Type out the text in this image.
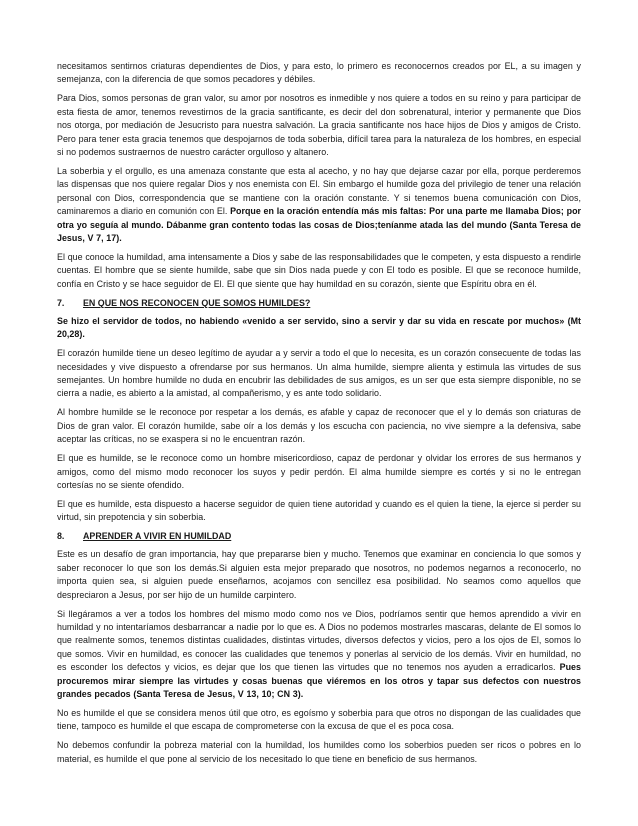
necesitamos sentirnos criaturas dependientes de Dios, y para esto, lo primero es reconocernos creados por EL, a su imagen y semejanza, con la diferencia de que somos pecadores y débiles.

Para Dios, somos personas de gran valor, su amor por nosotros es inmedible y nos quiere a todos en su reino y para participar de esta fiesta de amor, tenemos revestirnos de la gracia santificante, es decir del don sobrenatural, interior y permanente que Dios nos otorga, por mediación de Jesucristo para nuestra salvación. La gracia santificante nos hace hijos de Dios y amigos de Cristo. Pero para tener esta gracia tenemos que despojarnos de toda soberbia, difícil tarea para la naturaleza de los hombres, en especial si no podemos sustraernos de nuestro carácter orgulloso y altanero.

La soberbia y el orgullo, es una amenaza constante que esta al acecho, y no hay que dejarse cazar por ella, porque perderemos las dispensas que nos quiere regalar Dios y nos enemista con El. Sin embargo el humilde goza del privilegio de tener una relación personal con Dios, correspondencia que se mantiene con la oración constante. Y si tenemos buena comunicación con Dios, caminaremos a diario en comunión con El. Porque en la oración entendía más mis faltas: Por una parte me llamaba Dios; por otra yo seguía al mundo. Dábanme gran contento todas las cosas de Dios;teníanme atada las del mundo (Santa Teresa de Jesus, V 7, 17).

El que conoce la humildad, ama intensamente a Dios y sabe de las responsabilidades que le competen, y esta dispuesto a rendirle cuentas. El hombre que se siente humilde, sabe que sin Dios nada puede y con El todo es posible. El que se reconoce humilde, confía en Cristo y se hace seguidor de El. El que siente que hay humildad en su corazón, siente que Espíritu obra en él.

7.	EN QUE NOS RECONOCEN QUE SOMOS HUMILDES?

Se hizo el servidor de todos, no habiendo «venido a ser servido, sino a servir y dar su vida en rescate por muchos» (Mt 20,28).

El corazón humilde tiene un deseo legítimo de ayudar a y servir a todo el que lo necesita, es un corazón consecuente de todas las necesidades y vive dispuesto a ofrendarse por sus hermanos. Un alma humilde, siempre alienta y estimula las virtudes de sus semejantes. Un hombre humilde no duda en encubrir las debilidades de sus amigos, es un ser que esta siempre disponible, no se cierra a nadie, es abierto a la amistad, al compañerismo, y es ante todo solidario.

Al hombre humilde se le reconoce por respetar a los demás, es afable y capaz de reconocer que el y lo demás son criaturas de Dios de gran valor. El corazón humilde, sabe oír a los demás y los escucha con paciencia, no vive siempre a la defensiva, sabe aceptar las críticas, no se exaspera si no le encuentran razón.

El que es humilde, se le reconoce como un hombre misericordioso, capaz de perdonar y olvidar los errores de sus hermanos y amigos, como del mismo modo reconocer los suyos y pedir perdón. El alma humilde siempre es cortés y si no le entregan cortesías no se siente ofendido.

El que es humilde, esta dispuesto a hacerse seguidor de quien tiene autoridad y cuando es el quien la tiene, la ejerce si perder su virtud, sin prepotencia y sin soberbia.

8.	APRENDER A VIVIR EN HUMILDAD

Este es un desafío de gran importancia, hay que prepararse bien y mucho. Tenemos que examinar en conciencia lo que somos y saber reconocer lo que son los demás.Si alguien esta mejor preparado que nosotros, no podemos negarnos a reconocerlo, no importa quien sea, si alguien puede enseñarnos, acojamos con sencillez esa posibilidad. No seamos como aquellos que despreciaron a Jesus, por ser hijo de un humilde carpintero.

Si llegáramos a ver a todos los hombres del mismo modo como nos ve Dios, podríamos sentir que hemos aprendido a vivir en humildad y no intentaríamos desbarrancar a nadie por lo que es. A Dios no podemos mostrarles mascaras, delante de El somos lo que realmente somos, tenemos distintas cualidades, distintas virtudes, diversos defectos y vicios, pero a los ojos de El, somos lo que somos. Vivir en humildad, es conocer las cualidades que tenemos y ponerlas al servicio de los demás. Vivir en humildad, no es esconder los defectos y vicios, es dejar que los que tienen las virtudes que no tenemos nos ayuden a erradicarlos. Pues procuremos mirar siempre las virtudes y cosas buenas que viéremos en los otros y tapar sus defectos con nuestros grandes pecados (Santa Teresa de Jesus, V 13, 10; CN 3).

No es humilde el que se considera menos útil que otro, es egoísmo y soberbia para que otros no dispongan de las cualidades que tiene, tampoco es humilde el que escapa de comprometerse con la excusa de que el es poca cosa.

No debemos confundir la pobreza material con la humildad, los humildes como los soberbios pueden ser ricos o pobres en lo material, es humilde el que pone al servicio de los necesitado lo que tiene en beneficio de sus hermanos.
